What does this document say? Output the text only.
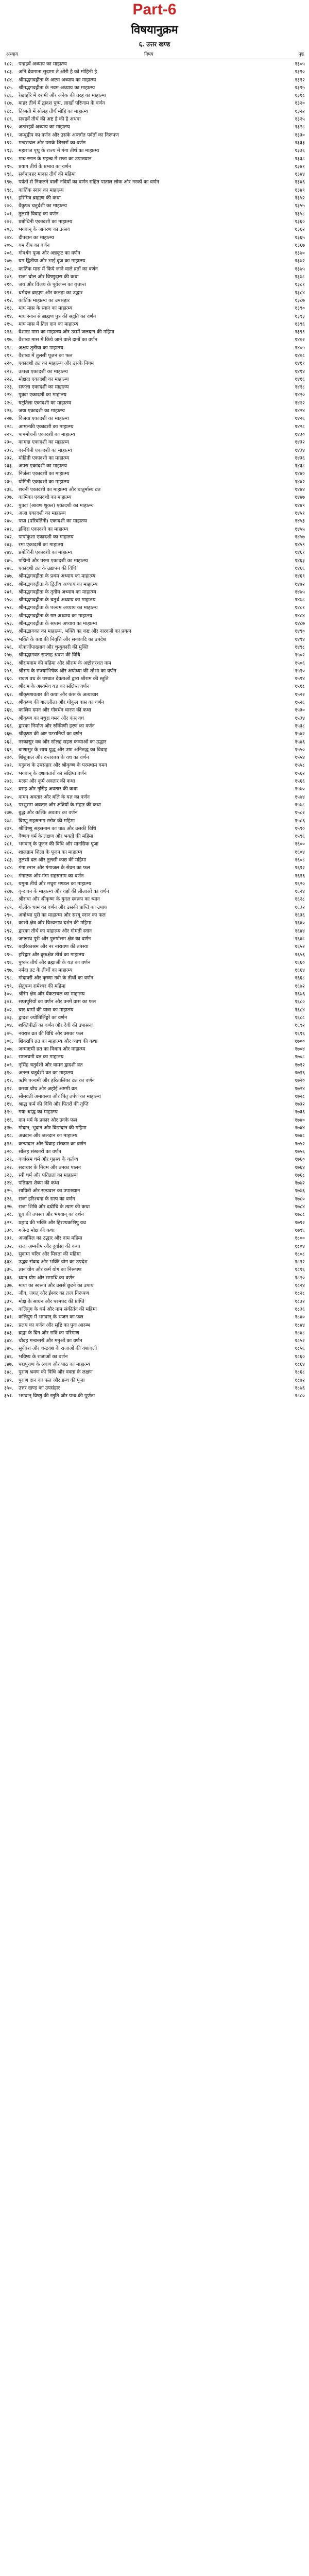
Part-6
विषयानुक्रम
६. उत्तर खण्ड
अध्याय	विषय	पृष्ठ
१८२.	पन्द्रहवें अध्याय का माहात्म्य	१३०५
१८३.	अनि देवमाता सुदामा ते ओरी है को मोहिनी है	१३१०
१८४.	श्रीमद्भगवद्गीता के अष्टम अध्याय का माहात्म्य	१३१२
१८५.	श्रीमद्भगवद्गीता के नवम अध्याय का माहात्म्य	१३१५
१८६.	रेखाहोरे में दशमी और अनेक की तरह का माहात्म्य	१३१८
१८७.	बाहर तीर्थ में द्वादश पुष्प, लाखों परिणाम के वर्णन	१३२०
१८८.	तिब्बती में सोलह तीर्थ मोहि का माहात्म्य	१३२२
१८९.	सत्रहवें तीर्थ की अष्ट है की है अथवा	१३२५
१९०.	अठारहवें अध्याय का माहात्म्य	१३२८
१९१.	जम्बूद्वीप का वर्णन और उसके अन्तर्गत पर्वतों का निरूपण	१३३०
१९२.	मन्दराचल और उसके शिखरों का वर्णन	१३३३
१९३.	महाराज पृथु के राज्य में गंगा तीर्थ का माहात्म्य	१३३६
१९४.	माघ स्नान के महत्त्व में राजा का उपाख्यान	१३३८
१९५.	प्रयाग तीर्थ के प्रभाव का वर्णन	१३४१
१९६.	सर्वपापहर मानस तीर्थ की महिमा	१३४४
१९७.	पर्वतों से निकलने वाली नदियों का वर्णन सहित पाताल लोक और नरकों का वर्णन	१३४६
१९८.	कार्तिक स्नान का माहात्म्य	१३४९
१९९.	हरिमित्र ब्राह्मण की कथा	१३५२
२००.	वैकुण्ठ चतुर्दशी का माहात्म्य	१३५५
२०१.	तुलसी विवाह का वर्णन	१३५८
२०२.	प्रबोधिनी एकादशी का माहात्म्य	१३६०
२०३.	भगवान्‌ के जागरण का उत्सव	१३६२
२०४.	दीपदान का माहात्म्य	१३६५
२०५.	यम दीप का वर्णन	१३६७
२०६.	गोवर्धन पूजा और अन्नकूट का वर्णन	१३७०
२०७.	यम द्वितीया और भाई दूज का माहात्म्य	१३७२
२०८.	कार्तिक मास में किये जाने वाले व्रतों का वर्णन	१३७५
२०९.	राजा चोल और विष्णुदास की कथा	१३७८
२१०.	जय और विजय के पूर्वजन्म का वृत्तान्त	१३८१
२११.	धर्मदत्त ब्राह्मण और कलहा का उद्धार	१३८४
२१२.	कार्तिक माहात्म्य का उपसंहार	१३८७
२१३.	माघ मास के स्नान का माहात्म्य	१३९०
२१४.	माघ स्नान से ब्राह्मण पुत्र की सद्गति का वर्णन	१३९३
२१५.	माघ मास में तिल दान का माहात्म्य	१३९६
२१६.	वैशाख मास का माहात्म्य और उसमें जलदान की महिमा	१३९९
२१७.	वैशाख मास में किये जाने वाले दानों का वर्णन	१४०२
२१८.	अक्षय तृतीया का माहात्म्य	१४०५
२१९.	वैशाख में तुलसी पूजन का फल	१४०८
२२०.	एकादशी व्रत का माहात्म्य और उसके नियम	१४११
२२१.	उत्पन्ना एकादशी का माहात्म्य	१४१४
२२२.	मोक्षदा एकादशी का माहात्म्य	१४१६
२२३.	सफला एकादशी का माहात्म्य	१४१८
२२४.	पुत्रदा एकादशी का माहात्म्य	१४२०
२२५.	षट्तिला एकादशी का माहात्म्य	१४२२
२२६.	जया एकादशी का माहात्म्य	१४२४
२२७.	विजया एकादशी का माहात्म्य	१४२६
२२८.	आमलकी एकादशी का माहात्म्य	१४२८
२२९.	पापमोचनी एकादशी का माहात्म्य	१४३०
२३०.	कामदा एकादशी का माहात्म्य	१४३२
२३१.	वरूथिनी एकादशी का माहात्म्य	१४३४
२३२.	मोहिनी एकादशी का माहात्म्य	१४३६
२३३.	अपरा एकादशी का माहात्म्य	१४३८
२३४.	निर्जला एकादशी का माहात्म्य	१४४०
२३५.	योगिनी एकादशी का माहात्म्य	१४४२
२३६.	शयनी एकादशी का माहात्म्य और चातुर्मास्य व्रत	१४४४
२३७.	कामिका एकादशी का माहात्म्य	१४४७
२३८.	पुत्रदा (श्रावण शुक्ल) एकादशी का माहात्म्य	१४४९
२३९.	अजा एकादशी का माहात्म्य	१४५१
२४०.	पद्मा (परिवर्तिनी) एकादशी का माहात्म्य	१४५३
२४१.	इन्दिरा एकादशी का माहात्म्य	१४५५
२४२.	पापांकुशा एकादशी का माहात्म्य	१४५७
२४३.	रमा एकादशी का माहात्म्य	१४५९
२४४.	प्रबोधिनी एकादशी का माहात्म्य	१४६१
२४५.	पद्मिनी और परमा एकादशी का माहात्म्य	१४६३
२४६.	एकादशी व्रत के उद्यापन की विधि	१४६६
२४७.	श्रीमद्भगवद्गीता के प्रथम अध्याय का माहात्म्य	१४६९
२४८.	श्रीमद्भगवद्गीता के द्वितीय अध्याय का माहात्म्य	१४७२
२४९.	श्रीमद्भगवद्गीता के तृतीय अध्याय का माहात्म्य	१४७५
२५०.	श्रीमद्भगवद्गीता के चतुर्थ अध्याय का माहात्म्य	१४७८
२५१.	श्रीमद्भगवद्गीता के पञ्चम अध्याय का माहात्म्य	१४८१
२५२.	श्रीमद्भगवद्गीता के षष्ठ अध्याय का माहात्म्य	१४८४
२५३.	श्रीमद्भगवद्गीता के सप्तम अध्याय का माहात्म्य	१४८७
२५४.	श्रीमद्भागवत का माहात्म्य, भक्ति का कष्ट और नारदजी का प्रयत्न	१४९०
२५५.	भक्ति के कष्ट की निवृत्ति और सनकादि का उपदेश	१४९४
२५६.	गोकर्णोपाख्यान और धुन्धुकारी की मुक्ति	१४९८
२५७.	श्रीमद्भागवत सप्ताह श्रवण की विधि	१५०२
२५८.	श्रीरामनाम की महिमा और श्रीराम के अष्टोत्तरशत नाम	१५०६
२५९.	श्रीराम के राज्याभिषेक और अयोध्या की शोभा का वर्णन	१५१०
२६०.	रावण वध के पश्चात देवताओं द्वारा श्रीराम की स्तुति	१५१४
२६१.	श्रीराम के अश्वमेध यज्ञ का संक्षिप्त वर्णन	१५१८
२६२.	श्रीकृष्णावतार की कथा और कंस के अत्याचार	१५२२
२६३.	श्रीकृष्ण की बाललीला और गोकुल वास का वर्णन	१५२६
२६४.	कालिय दमन और गोवर्धन धारण की कथा	१५३०
२६५.	श्रीकृष्ण का मथुरा गमन और कंस वध	१५३४
२६६.	द्वारका निर्माण और रुक्मिणी हरण का वर्णन	१५३८
२६७.	श्रीकृष्ण की अष्ट पटरानियों का वर्णन	१५४२
२६८.	नरकासुर वध और सोलह सहस्र कन्याओं का उद्धार	१५४६
२६९.	बाणासुर के साथ युद्ध और उषा अनिरुद्ध का विवाह	१५५०
२७०.	शिशुपाल और दन्तवक्त्र के वध का वर्णन	१५५४
२७१.	यदुवंश के उपसंहार और श्रीकृष्ण के परमधाम गमन	१५५८
२७२.	भगवान्‌ के दशावतारों का संक्षिप्त वर्णन	१५६२
२७३.	मत्स्य और कूर्म अवतार की कथा	१५६६
२७४.	वराह और नृसिंह अवतार की कथा	१५७०
२७५.	वामन अवतार और बलि के यज्ञ का वर्णन	१५७४
२७६.	परशुराम अवतार और क्षत्रियों के संहार की कथा	१५७८
२७७.	बुद्ध और कल्कि अवतार का वर्णन	१५८२
२७८.	विष्णु सहस्रनाम स्तोत्र की महिमा	१५८६
२७९.	श्रीविष्णु सहस्रनाम का पाठ और उसकी विधि	१५९०
२८०.	वैष्णव धर्म के लक्षण और भक्तों की महिमा	१५९६
२८१.	भगवान्‌ के पूजन की विधि और मानसिक पूजा	१६००
२८२.	शालग्राम शिला के पूजन का माहात्म्य	१६०४
२८३.	तुलसी दल और तुलसी काष्ठ की महिमा	१६०८
२८४.	गंगा स्नान और गंगाजल के सेवन का फल	१६१२
२८५.	गंगाष्टक और गंगा सहस्रनाम का वर्णन	१६१६
२८६.	यमुना तीर्थ और मथुरा मण्डल का माहात्म्य	१६२०
२८७.	वृन्दावन के माहात्म्य और वहाँ की लीलाओं का वर्णन	१६२४
२८८.	श्रीराधा और श्रीकृष्ण के युगल स्वरूप का ध्यान	१६२८
२८९.	गोलोक धाम का वर्णन और उसकी प्राप्ति का उपाय	१६३२
२९०.	अयोध्या पुरी का माहात्म्य और सरयू स्नान का फल	१६३६
२९१.	काशी क्षेत्र और विश्वनाथ दर्शन की महिमा	१६४०
२९२.	द्वारका तीर्थ का माहात्म्य और गोमती स्नान	१६४४
२९३.	जगन्नाथ पुरी और पुरुषोत्तम क्षेत्र का वर्णन	१६४८
२९४.	बदरिकाश्रम और नर नारायण की तपस्या	१६५२
२९५.	हरिद्वार और कुरुक्षेत्र तीर्थ का माहात्म्य	१६५६
२९६.	पुष्कर तीर्थ और ब्रह्माजी के यज्ञ का वर्णन	१६६०
२९७.	नर्मदा तट के तीर्थों का माहात्म्य	१६६४
२९८.	गोदावरी और कृष्णा नदी के तीर्थों का वर्णन	१६६८
२९९.	सेतुबन्ध रामेश्वर की महिमा	१६७२
३००.	श्रीरंग क्षेत्र और वेंकटाचल का माहात्म्य	१६७६
३०१.	सप्तपुरियों का वर्णन और उनमें वास का फल	१६८०
३०२.	चार धामों की यात्रा का माहात्म्य	१६८४
३०३.	द्वादश ज्योतिर्लिङ्गों का वर्णन	१६८८
३०४.	शक्तिपीठों का वर्णन और देवी की उपासना	१६९२
३०५.	नवरात्र व्रत की विधि और उसका फल	१६९६
३०६.	शिवरात्रि व्रत का माहात्म्य और व्याध की कथा	१७००
३०७.	जन्माष्टमी व्रत का विधान और माहात्म्य	१७०४
३०८.	रामनवमी व्रत का माहात्म्य	१७०८
३०९.	नृसिंह चतुर्दशी और वामन द्वादशी व्रत	१७१२
३१०.	अनन्त चतुर्दशी व्रत का माहात्म्य	१७१६
३११.	ऋषि पञ्चमी और हरितालिका व्रत का वर्णन	१७२०
३१२.	करवा चौथ और अहोई अष्टमी व्रत	१७२४
३१३.	सोमवती अमावस्या और पितृ तर्पण का माहात्म्य	१७२८
३१४.	श्राद्ध कर्म की विधि और पितरों की तृप्ति	१७३२
३१५.	गया श्राद्ध का माहात्म्य	१७३६
३१६.	दान धर्म के प्रकार और उनके फल	१७४०
३१७.	गोदान, भूदान और विद्यादान की महिमा	१७४४
३१८.	अन्नदान और जलदान का माहात्म्य	१७४८
३१९.	कन्यादान और विवाह संस्कार का वर्णन	१७५२
३२०.	सोलह संस्कारों का वर्णन	१७५६
३२१.	वर्णाश्रम धर्म और गृहस्थ के कर्तव्य	१७६०
३२२.	सदाचार के नियम और उनका पालन	१७६४
३२३.	स्त्री धर्म और पतिव्रता का माहात्म्य	१७६८
३२४.	पतिव्रता शैब्या की कथा	१७७२
३२५.	सावित्री और सत्यवान का उपाख्यान	१७७६
३२६.	राजा हरिश्चन्द्र के सत्य का वर्णन	१७८०
३२७.	राजा शिबि और दधीचि के त्याग की कथा	१७८४
३२८.	ध्रुव की तपस्या और भगवान्‌ का दर्शन	१७८८
३२९.	प्रह्लाद की भक्ति और हिरण्यकशिपु वध	१७९२
३३०.	गजेन्द्र मोक्ष की कथा	१७९६
३३१.	अजामिल का उद्धार और नाम महिमा	१८००
३३२.	राजा अम्बरीष और दुर्वासा की कथा	१८०४
३३३.	सुदामा चरित्र और मित्रता की महिमा	१८०८
३३४.	उद्धव संवाद और भक्ति योग का उपदेश	१८१२
३३५.	ज्ञान योग और कर्म योग का निरूपण	१८१६
३३६.	ध्यान योग और समाधि का वर्णन	१८२०
३३७.	माया का स्वरूप और उससे छूटने का उपाय	१८२४
३३८.	जीव, जगत्‌ और ईश्वर का तत्त्व निरूपण	१८२८
३३९.	मोक्ष के साधन और परमपद की प्राप्ति	१८३२
३४०.	कलियुग के धर्म और नाम संकीर्तन की महिमा	१८३६
३४१.	कलियुग में भगवान्‌ के भजन का फल	१८४०
३४२.	प्रलय का वर्णन और सृष्टि का पुनः आरम्भ	१८४४
३४३.	ब्रह्मा के दिन और रात्रि का परिमाण	१८४८
३४४.	चौदह मन्वन्तरों और मनुओं का वर्णन	१८५२
३४५.	सूर्यवंश और चन्द्रवंश के राजाओं की वंशावली	१८५६
३४६.	भविष्य के राजाओं का वर्णन	१८६०
३४७.	पद्मपुराण के श्रवण और पाठ का माहात्म्य	१८६४
३४८.	पुराण श्रवण की विधि और वक्ता के लक्षण	१८६८
३४९.	पुराण दान का फल और ग्रन्थ की पूजा	१८७२
३५०.	उत्तर खण्ड का उपसंहार	१८७६
३५१.	भगवान्‌ विष्णु की स्तुति और ग्रन्थ की पूर्णता	१८८०
